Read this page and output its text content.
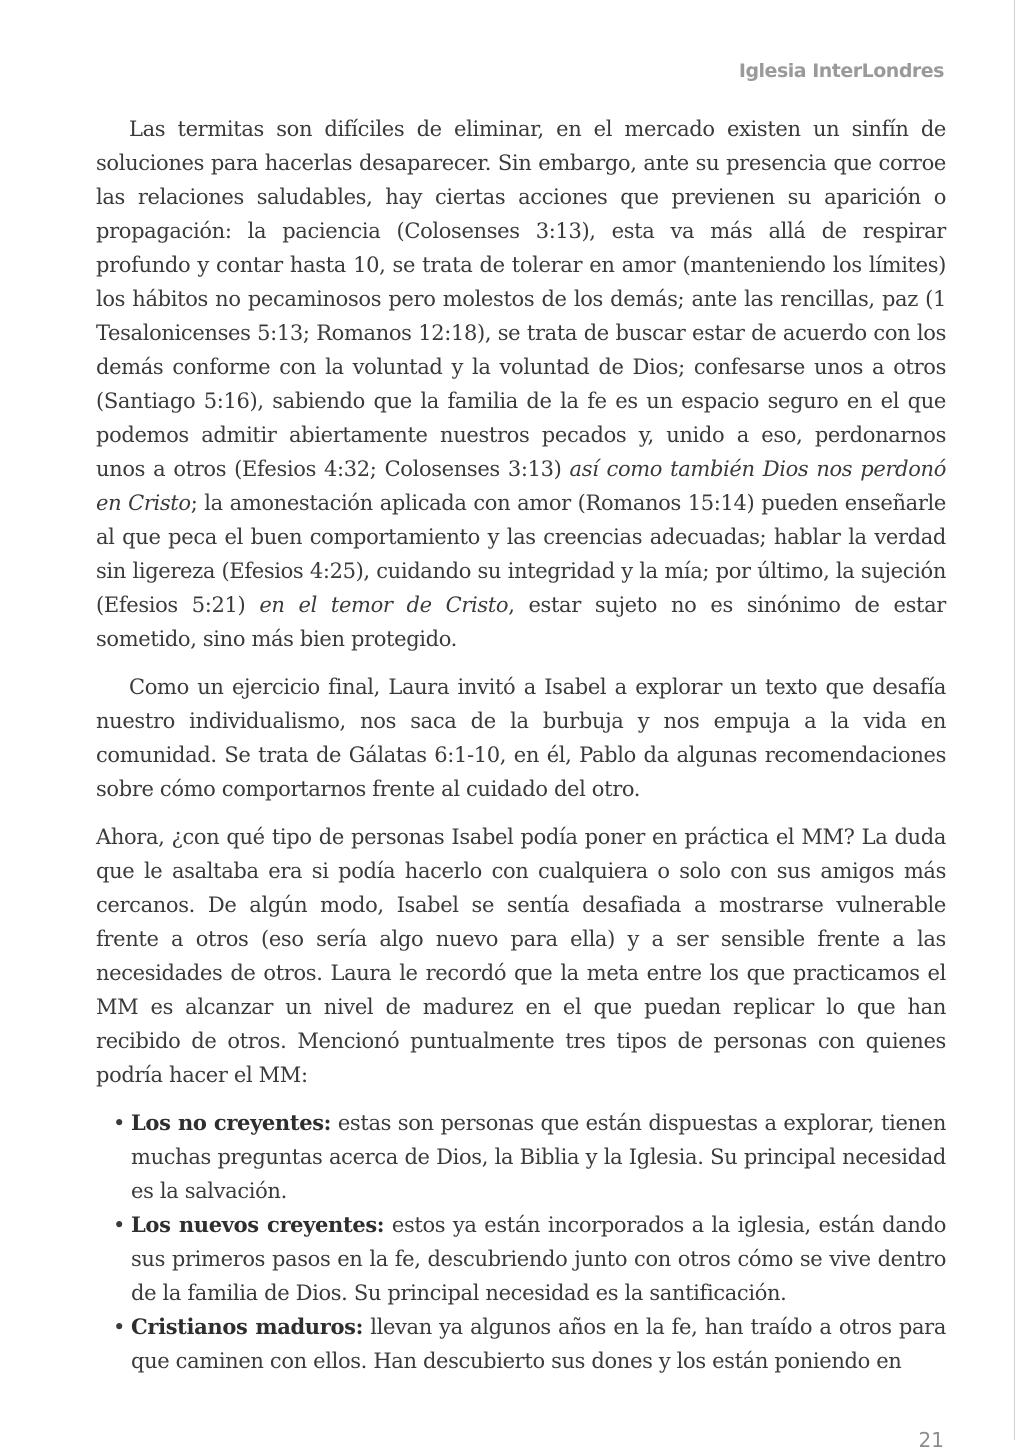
Iglesia InterLondres

Las termitas son difíciles de eliminar, en el mercado existen un sinfín de soluciones para hacerlas desaparecer. Sin embargo, ante su presencia que corroe las relaciones saludables, hay ciertas acciones que previenen su aparición o propagación: la paciencia (Colosenses 3:13), esta va más allá de respirar profundo y contar hasta 10, se trata de tolerar en amor (manteniendo los límites) los hábitos no pecaminosos pero molestos de los demás; ante las rencillas, paz (1 Tesalonicenses 5:13; Romanos 12:18), se trata de buscar estar de acuerdo con los demás conforme con la voluntad y la voluntad de Dios; confesarse unos a otros (Santiago 5:16), sabiendo que la familia de la fe es un espacio seguro en el que podemos admitir abiertamente nuestros pecados y, unido a eso, perdonarnos unos a otros (Efesios 4:32; Colosenses 3:13) así como también Dios nos perdonó en Cristo; la amonestación aplicada con amor (Romanos 15:14) pueden enseñarle al que peca el buen comportamiento y las creencias adecuadas; hablar la verdad sin ligereza (Efesios 4:25), cuidando su integridad y la mía; por último, la sujeción (Efesios 5:21) en el temor de Cristo, estar sujeto no es sinónimo de estar sometido, sino más bien protegido.

Como un ejercicio final, Laura invitó a Isabel a explorar un texto que desafía nuestro individualismo, nos saca de la burbuja y nos empuja a la vida en comunidad. Se trata de Gálatas 6:1-10, en él, Pablo da algunas recomendaciones sobre cómo comportarnos frente al cuidado del otro.

Ahora, ¿con qué tipo de personas Isabel podía poner en práctica el MM? La duda que le asaltaba era si podía hacerlo con cualquiera o solo con sus amigos más cercanos. De algún modo, Isabel se sentía desafiada a mostrarse vulnerable frente a otros (eso sería algo nuevo para ella) y a ser sensible frente a las necesidades de otros. Laura le recordó que la meta entre los que practicamos el MM es alcanzar un nivel de madurez en el que puedan replicar lo que han recibido de otros. Mencionó puntualmente tres tipos de personas con quienes podría hacer el MM:

• Los no creyentes: estas son personas que están dispuestas a explorar, tienen muchas preguntas acerca de Dios, la Biblia y la Iglesia. Su principal necesidad es la salvación.
• Los nuevos creyentes: estos ya están incorporados a la iglesia, están dando sus primeros pasos en la fe, descubriendo junto con otros cómo se vive dentro de la familia de Dios. Su principal necesidad es la santificación.
• Cristianos maduros: llevan ya algunos años en la fe, han traído a otros para que caminen con ellos. Han descubierto sus dones y los están poniendo en
21
